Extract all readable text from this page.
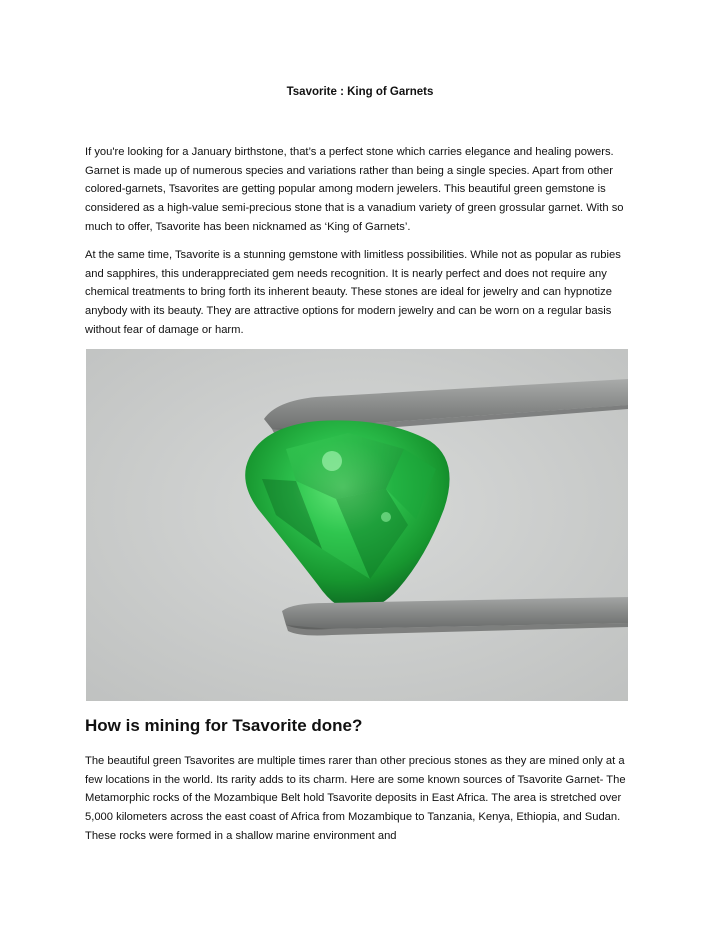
Tsavorite : King of Garnets

If you're looking for a January birthstone, that’s a perfect stone which carries elegance and healing powers. Garnet is made up of numerous species and variations rather than being a single species. Apart from other colored-garnets, Tsavorites are getting popular among modern jewelers. This beautiful green gemstone is considered as a high-value semi-precious stone that is a vanadium variety of green grossular garnet. With so much to offer, Tsavorite has been nicknamed as ‘King of Garnets’.

At the same time, Tsavorite is a stunning gemstone with limitless possibilities. While not as popular as rubies and sapphires, this underappreciated gem needs recognition. It is nearly perfect and does not require any chemical treatments to bring forth its inherent beauty. These stones are ideal for jewelry and can hypnotize anybody with its beauty. They are attractive options for modern jewelry and can be worn on a regular basis without fear of damage or harm.

How is mining for Tsavorite done?

The beautiful green Tsavorites are multiple times rarer than other precious stones as they are mined only at a few locations in the world. Its rarity adds to its charm. Here are some known sources of Tsavorite Garnet- The Metamorphic rocks of the Mozambique Belt hold Tsavorite deposits in East Africa. The area is stretched over 5,000 kilometers across the east coast of Africa from Mozambique to Tanzania, Kenya, Ethiopia, and Sudan. These rocks were formed in a shallow marine environment and
